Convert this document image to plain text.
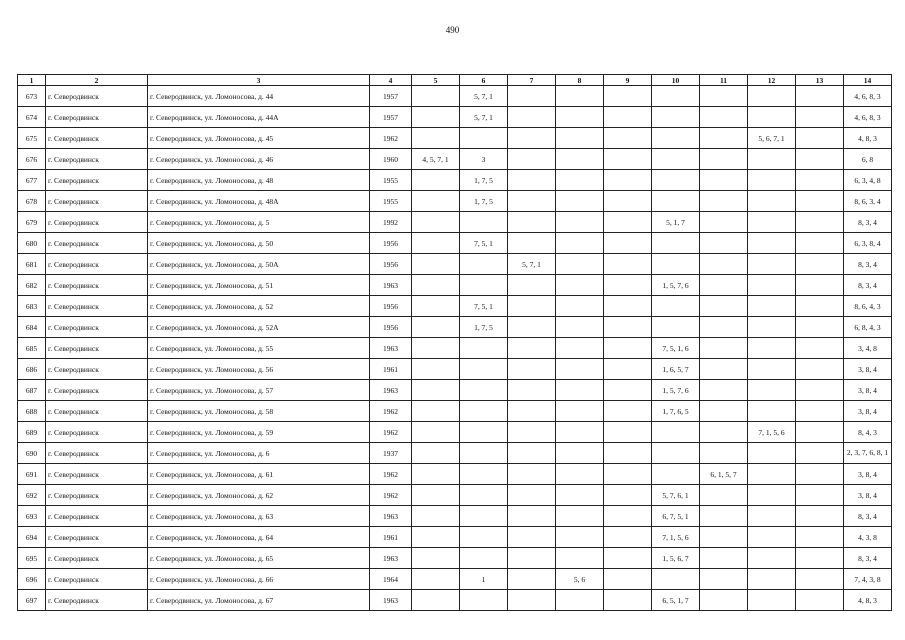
490
1	2	3	4	5	6	7	8	9	10	11	12	13	14
673	г. Северодвинск	г. Северодвинск, ул. Ломоносова, д. 44	1957		5, 7, 1								4, 6, 8, 3
674	г. Северодвинск	г. Северодвинск, ул. Ломоносова, д. 44А	1957		5, 7, 1								4, 6, 8, 3
675	г. Северодвинск	г. Северодвинск, ул. Ломоносова, д. 45	1962								5, 6, 7, 1		4, 8, 3
676	г. Северодвинск	г. Северодвинск, ул. Ломоносова, д. 46	1960	4, 5, 7, 1	3								6, 8
677	г. Северодвинск	г. Северодвинск, ул. Ломоносова, д. 48	1955		1, 7, 5								6, 3, 4, 8
678	г. Северодвинск	г. Северодвинск, ул. Ломоносова, д. 48А	1955		1, 7, 5								8, 6, 3, 4
679	г. Северодвинск	г. Северодвинск, ул. Ломоносова, д. 5	1992						5, 1, 7				8, 3, 4
680	г. Северодвинск	г. Северодвинск, ул. Ломоносова, д. 50	1956		7, 5, 1								6, 3, 8, 4
681	г. Северодвинск	г. Северодвинск, ул. Ломоносова, д. 50А	1956			5, 7, 1							8, 3, 4
682	г. Северодвинск	г. Северодвинск, ул. Ломоносова, д. 51	1963						1, 5, 7, 6				8, 3, 4
683	г. Северодвинск	г. Северодвинск, ул. Ломоносова, д. 52	1956		7, 5, 1								8, 6, 4, 3
684	г. Северодвинск	г. Северодвинск, ул. Ломоносова, д. 52А	1956		1, 7, 5								6, 8, 4, 3
685	г. Северодвинск	г. Северодвинск, ул. Ломоносова, д. 55	1963						7, 5, 1, 6				3, 4, 8
686	г. Северодвинск	г. Северодвинск, ул. Ломоносова, д. 56	1961						1, 6, 5, 7				3, 8, 4
687	г. Северодвинск	г. Северодвинск, ул. Ломоносова, д. 57	1963						1, 5, 7, 6				3, 8, 4
688	г. Северодвинск	г. Северодвинск, ул. Ломоносова, д. 58	1962						1, 7, 6, 5				3, 8, 4
689	г. Северодвинск	г. Северодвинск, ул. Ломоносова, д. 59	1962								7, 1, 5, 6		8, 4, 3
690	г. Северодвинск	г. Северодвинск, ул. Ломоносова, д. 6	1937										2, 3, 7, 6, 8, 1
691	г. Северодвинск	г. Северодвинск, ул. Ломоносова, д. 61	1962							6, 1, 5, 7			3, 8, 4
692	г. Северодвинск	г. Северодвинск, ул. Ломоносова, д. 62	1962						5, 7, 6, 1				3, 8, 4
693	г. Северодвинск	г. Северодвинск, ул. Ломоносова, д. 63	1963						6, 7, 5, 1				8, 3, 4
694	г. Северодвинск	г. Северодвинск, ул. Ломоносова, д. 64	1961						7, 1, 5, 6				4, 3, 8
695	г. Северодвинск	г. Северодвинск, ул. Ломоносова, д. 65	1963						1, 5, 6, 7				8, 3, 4
696	г. Северодвинск	г. Северодвинск, ул. Ломоносова, д. 66	1964		1		5, 6						7, 4, 3, 8
697	г. Северодвинск	г. Северодвинск, ул. Ломоносова, д. 67	1963						6, 5, 1, 7				4, 8, 3
